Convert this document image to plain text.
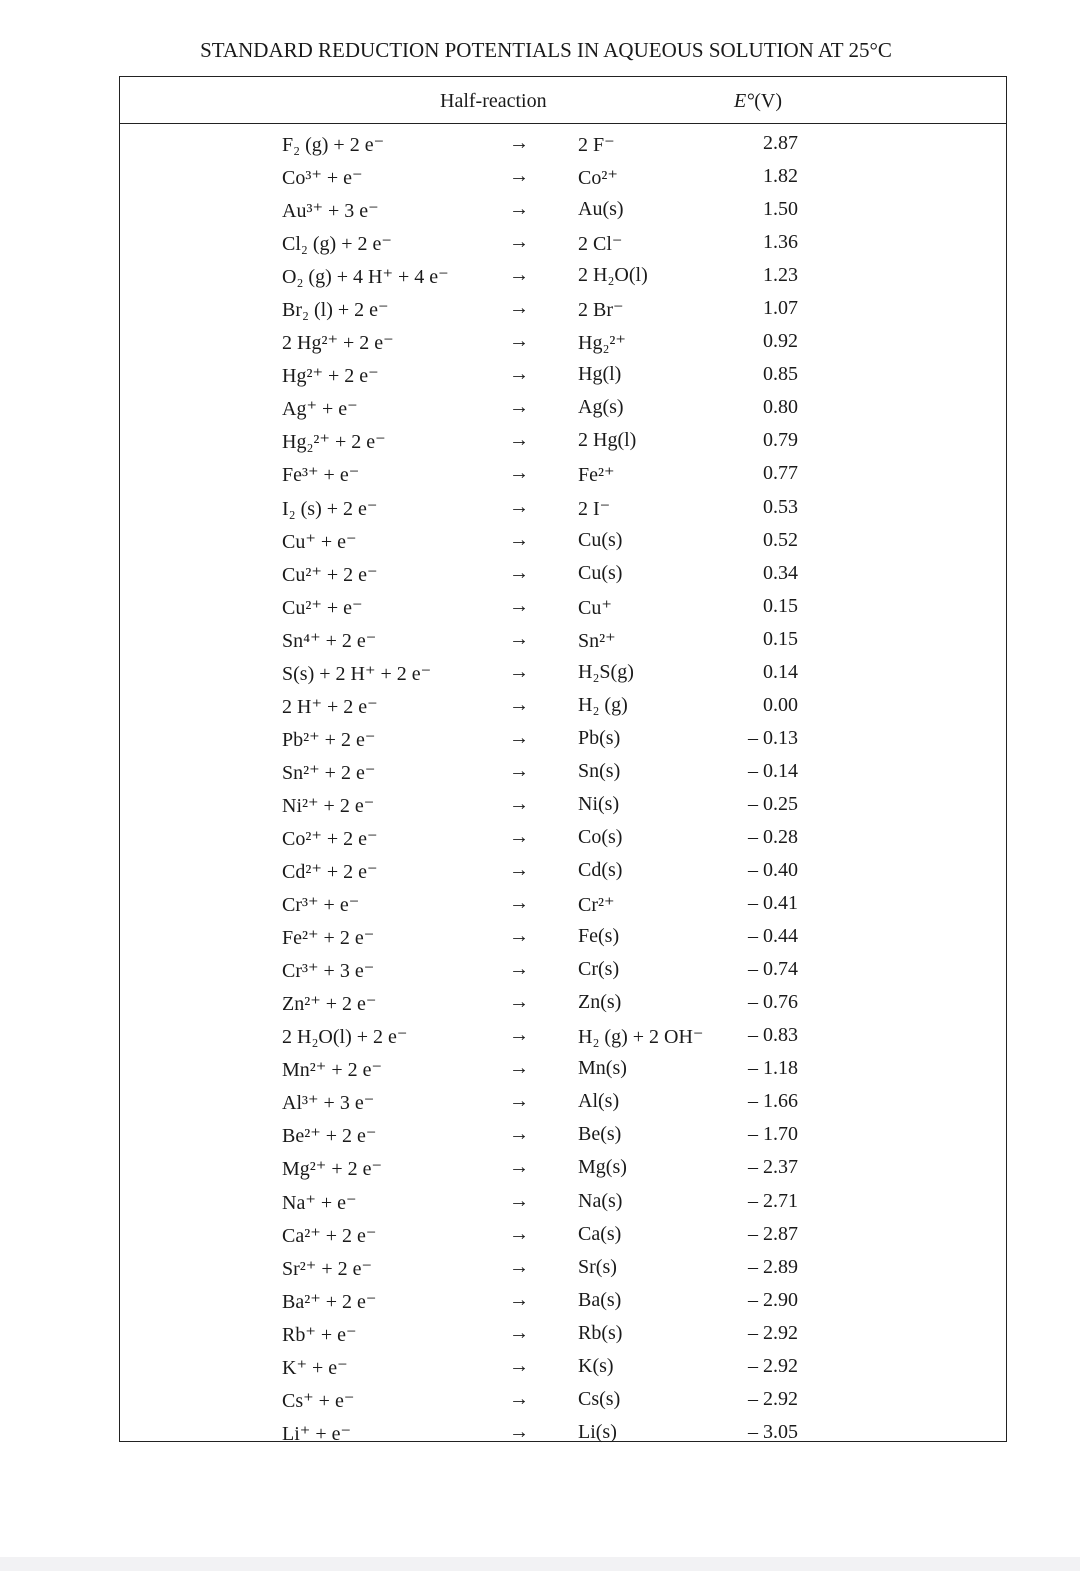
STANDARD REDUCTION POTENTIALS IN AQUEOUS SOLUTION AT 25°C
Half-reaction	E°(V)
F₂ (g) + 2 e⁻	→ 2 F⁻	2.87
Co³⁺ + e⁻	→ Co²⁺	1.82
Au³⁺ + 3 e⁻	→ Au(s)	1.50
Cl₂ (g) + 2 e⁻	→ 2 Cl⁻	1.36
O₂ (g) + 4 H⁺ + 4 e⁻	→ 2 H₂O(l)	1.23
Br₂ (l) + 2 e⁻	→ 2 Br⁻	1.07
2 Hg²⁺ + 2 e⁻	→ Hg₂²⁺	0.92
Hg²⁺ + 2 e⁻	→ Hg(l)	0.85
Ag⁺ + e⁻	→ Ag(s)	0.80
Hg₂²⁺ + 2 e⁻	→ 2 Hg(l)	0.79
Fe³⁺ + e⁻	→ Fe²⁺	0.77
I₂ (s) + 2 e⁻	→ 2 I⁻	0.53
Cu⁺ + e⁻	→ Cu(s)	0.52
Cu²⁺ + 2 e⁻	→ Cu(s)	0.34
Cu²⁺ + e⁻	→ Cu⁺	0.15
Sn⁴⁺ + 2 e⁻	→ Sn²⁺	0.15
S(s) + 2 H⁺ + 2 e⁻	→ H₂S(g)	0.14
2 H⁺ + 2 e⁻	→ H₂ (g)	0.00
Pb²⁺ + 2 e⁻	→ Pb(s)	– 0.13
Sn²⁺ + 2 e⁻	→ Sn(s)	– 0.14
Ni²⁺ + 2 e⁻	→ Ni(s)	– 0.25
Co²⁺ + 2 e⁻	→ Co(s)	– 0.28
Cd²⁺ + 2 e⁻	→ Cd(s)	– 0.40
Cr³⁺ + e⁻	→ Cr²⁺	– 0.41
Fe²⁺ + 2 e⁻	→ Fe(s)	– 0.44
Cr³⁺ + 3 e⁻	→ Cr(s)	– 0.74
Zn²⁺ + 2 e⁻	→ Zn(s)	– 0.76
2 H₂O(l) + 2 e⁻	→ H₂ (g) + 2 OH⁻	– 0.83
Mn²⁺ + 2 e⁻	→ Mn(s)	– 1.18
Al³⁺ + 3 e⁻	→ Al(s)	– 1.66
Be²⁺ + 2 e⁻	→ Be(s)	– 1.70
Mg²⁺ + 2 e⁻	→ Mg(s)	– 2.37
Na⁺ + e⁻	→ Na(s)	– 2.71
Ca²⁺ + 2 e⁻	→ Ca(s)	– 2.87
Sr²⁺ + 2 e⁻	→ Sr(s)	– 2.89
Ba²⁺ + 2 e⁻	→ Ba(s)	– 2.90
Rb⁺ + e⁻	→ Rb(s)	– 2.92
K⁺ + e⁻	→ K(s)	– 2.92
Cs⁺ + e⁻	→ Cs(s)	– 2.92
Li⁺ + e⁻	→ Li(s)	– 3.05
